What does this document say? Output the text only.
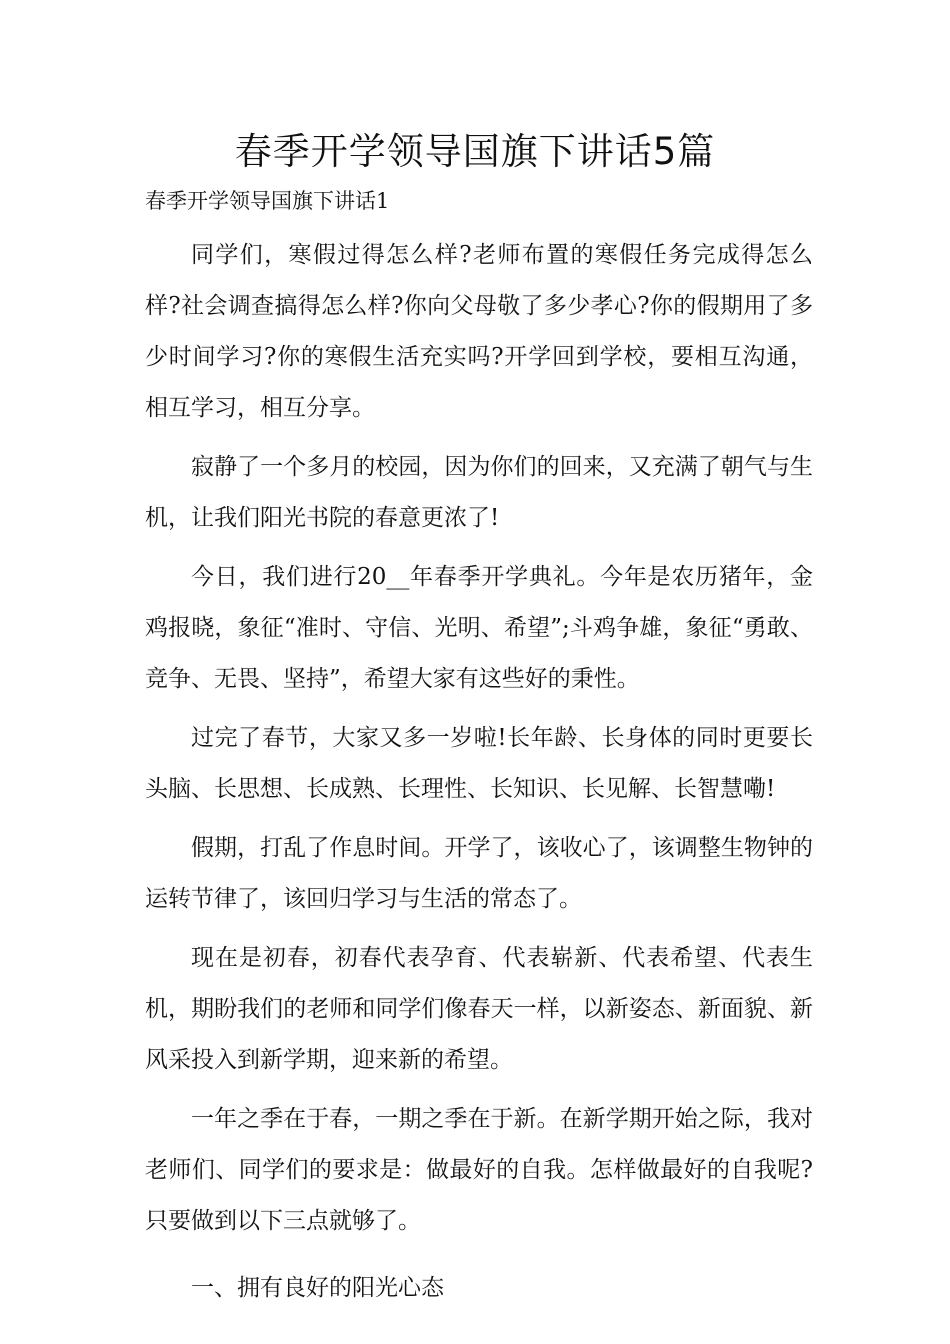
春季开学领导国旗下讲话5篇
春季开学领导国旗下讲话1

同学们，寒假过得怎么样?老师布置的寒假任务完成得怎么样?社会调查搞得怎么样?你向父母敬了多少孝心?你的假期用了多少时间学习?你的寒假生活充实吗?开学回到学校，要相互沟通，相互学习，相互分享。

寂静了一个多月的校园，因为你们的回来，又充满了朝气与生机，让我们阳光书院的春意更浓了!

今日，我们进行20__年春季开学典礼。今年是农历猪年，金鸡报晓，象征“准时、守信、光明、希望”;斗鸡争雄，象征“勇敢、竞争、无畏、坚持”，希望大家有这些好的秉性。

过完了春节，大家又多一岁啦!长年龄、长身体的同时更要长头脑、长思想、长成熟、长理性、长知识、长见解、长智慧嘞!

假期，打乱了作息时间。开学了，该收心了，该调整生物钟的运转节律了，该回归学习与生活的常态了。

现在是初春，初春代表孕育、代表崭新、代表希望、代表生机，期盼我们的老师和同学们像春天一样，以新姿态、新面貌、新风采投入到新学期，迎来新的希望。

一年之季在于春，一期之季在于新。在新学期开始之际，我对老师们、同学们的要求是：做最好的自我。怎样做最好的自我呢?只要做到以下三点就够了。

一、拥有良好的阳光心态
